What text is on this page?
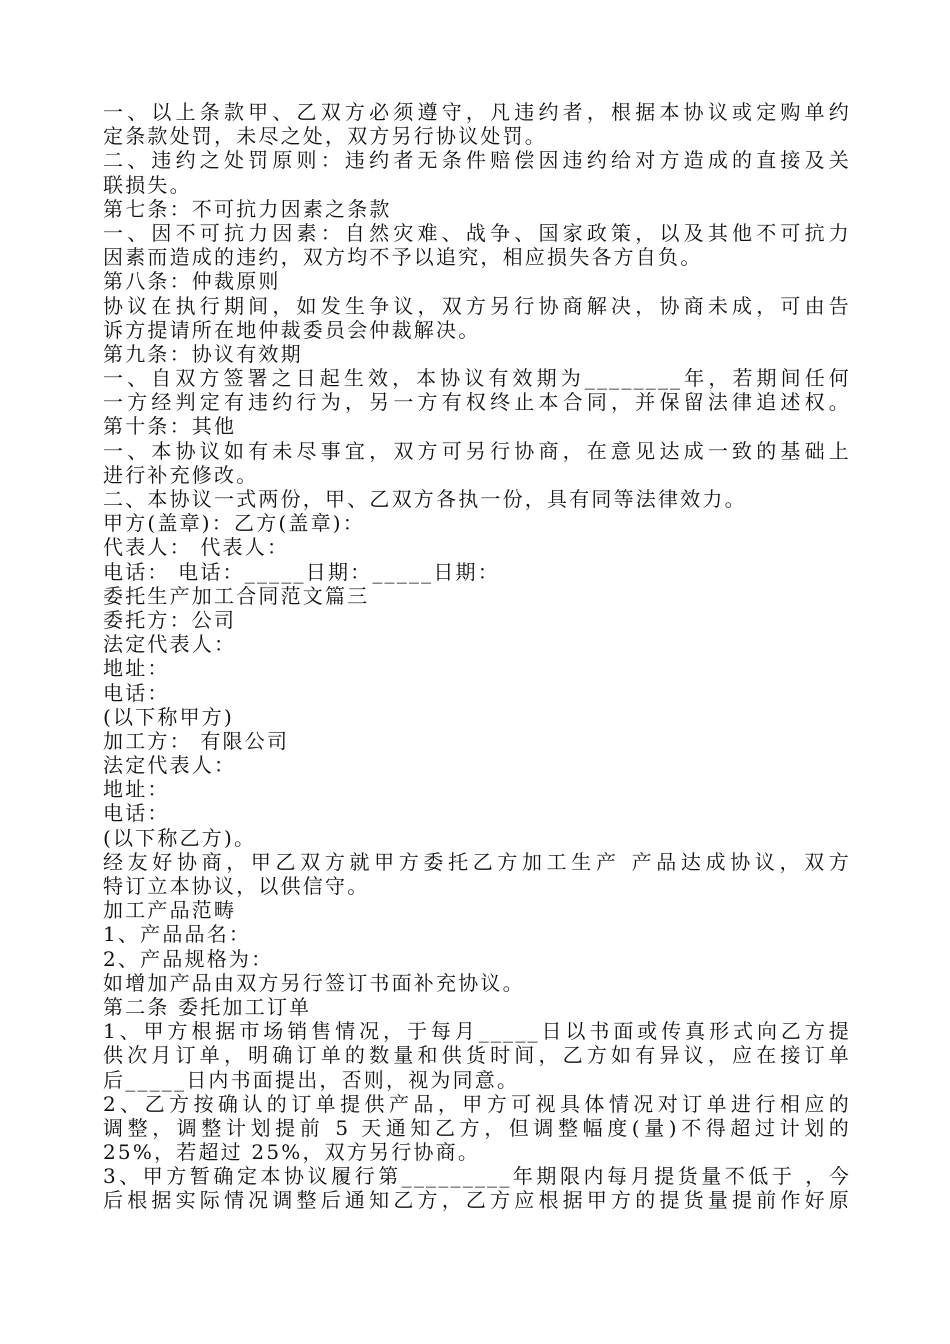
一、以上条款甲、乙双方必须遵守，凡违约者，根据本协议或定购单约
定条款处罚，未尽之处，双方另行协议处罚。
二、违约之处罚原则：违约者无条件赔偿因违约给对方造成的直接及关
联损失。
第七条：不可抗力因素之条款
一、因不可抗力因素：自然灾难、战争、国家政策，以及其他不可抗力
因素而造成的违约，双方均不予以追究，相应损失各方自负。
第八条：仲裁原则
协议在执行期间，如发生争议，双方另行协商解决，协商未成，可由告
诉方提请所在地仲裁委员会仲裁解决。
第九条：协议有效期
一、自双方签署之日起生效，本协议有效期为________年，若期间任何
一方经判定有违约行为，另一方有权终止本合同，并保留法律追述权。
第十条：其他
一、本协议如有未尽事宜，双方可另行协商，在意见达成一致的基础上
进行补充修改。
二、本协议一式两份，甲、乙双方各执一份，具有同等法律效力。
甲方(盖章)：乙方(盖章)：
代表人： 代表人：
电话： 电话：_____日期：_____日期：
委托生产加工合同范文篇三
委托方：公司
法定代表人：
地址：
电话：
(以下称甲方)
加工方： 有限公司
法定代表人：
地址：
电话：
(以下称乙方)。
经友好协商，甲乙双方就甲方委托乙方加工生产 产品达成协议，双方
特订立本协议，以供信守。
加工产品范畴
1、产品品名：
2、产品规格为：
如增加产品由双方另行签订书面补充协议。
第二条 委托加工订单
1、甲方根据市场销售情况，于每月_____日以书面或传真形式向乙方提
供次月订单，明确订单的数量和供货时间，乙方如有异议，应在接订单
后_____日内书面提出，否则，视为同意。
2、乙方按确认的订单提供产品，甲方可视具体情况对订单进行相应的
调整，调整计划提前 5 天通知乙方，但调整幅度(量)不得超过计划的
25%，若超过 25%，双方另行协商。
3、甲方暂确定本协议履行第_________年期限内每月提货量不低于 ，今
后根据实际情况调整后通知乙方，乙方应根据甲方的提货量提前作好原
